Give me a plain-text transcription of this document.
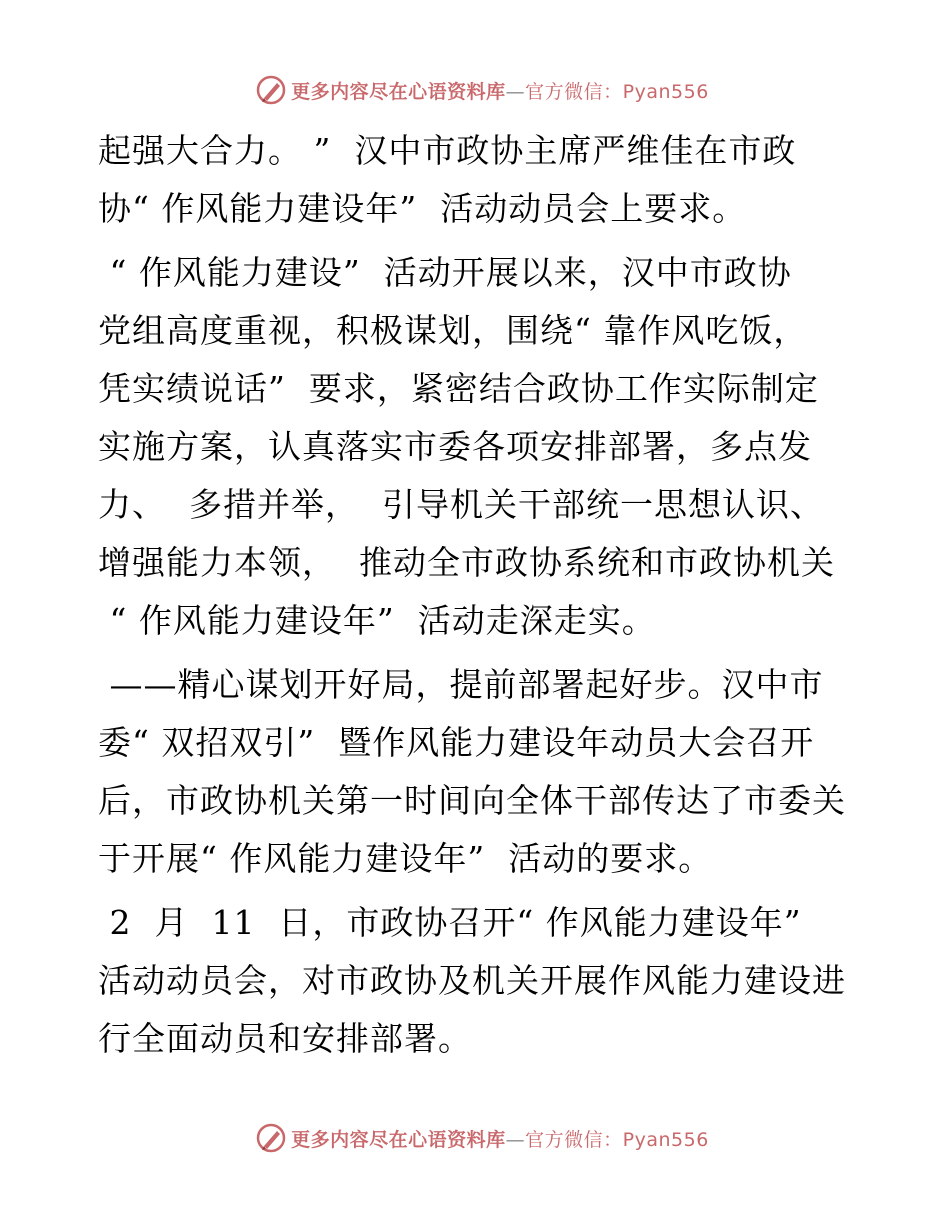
更多内容尽在心语资料库—官方微信：Pyan556

起强大合力。 ”  汉中市政协主席严维佳在市政
协“ 作风能力建设年”  活动动员会上要求。

“ 作风能力建设”  活动开展以来，汉中市政协
党组高度重视，积极谋划，围绕“ 靠作风吃饭，
凭实绩说话”  要求，紧密结合政协工作实际制定
实施方案，认真落实市委各项安排部署，多点发
力、  多措并举，  引导机关干部统一思想认识、
增强能力本领，  推动全市政协系统和市政协机关
“ 作风能力建设年”  活动走深走实。

——精心谋划开好局，提前部署起好步。汉中市
委“ 双招双引”  暨作风能力建设年动员大会召开
后，市政协机关第一时间向全体干部传达了市委关
于开展“ 作风能力建设年”  活动的要求。

2  月  11  日，市政协召开“ 作风能力建设年”
活动动员会，对市政协及机关开展作风能力建设进
行全面动员和安排部署。

更多内容尽在心语资料库—官方微信：Pyan556
